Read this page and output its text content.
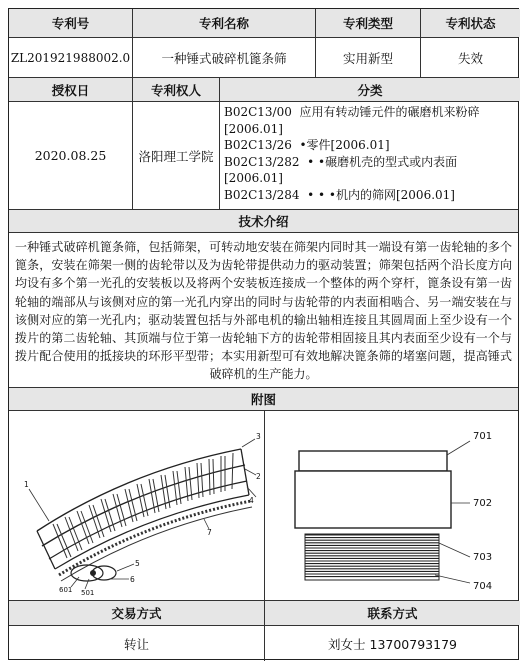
专利号	专利名称	专利类型	专利状态
ZL201921988002.0	一种锤式破碎机篦条筛	实用新型	失效
授权日	专利权人	分类
2020.08.25	洛阳理工学院
B02C13/00  应用有转动锤元件的碾磨机来粉碎
[2006.01]
B02C13/26  •零件[2006.01]
B02C13/282  • •碾磨机壳的型式或内表面
[2006.01]
B02C13/284  • • •机内的筛网[2006.01]
技术介绍
一种锤式破碎机篦条筛，包括筛架，可转动地安装在筛架内同时其一端设有第一齿轮轴的多个篦条，安装在筛架一侧的齿轮带以及为齿轮带提供动力的驱动装置；筛架包括两个沿长度方向均设有多个第一光孔的安装板以及将两个安装板连接成一个整体的两个穿杆，篦条设有第一齿轮轴的端部从与该侧对应的第一光孔内穿出的同时与齿轮带的内表面相啮合、另一端安装在与该侧对应的第一光孔内；驱动装置包括与外部电机的输出轴相连接且其圆周面上至少设有一个拨片的第二齿轮轴、其顶端与位于第一齿轮轴下方的齿轮带相固接且其内表面至少设有一个与拨片配合使用的抵接块的环形平型带；本实用新型可有效地解决篦条筛的堵塞问题，提高锤式破碎机的生产能力。
附图
3
2
4
1
7
5
6
501
601
701
702
703
704
交易方式	联系方式
转让	刘女士 13700793179
